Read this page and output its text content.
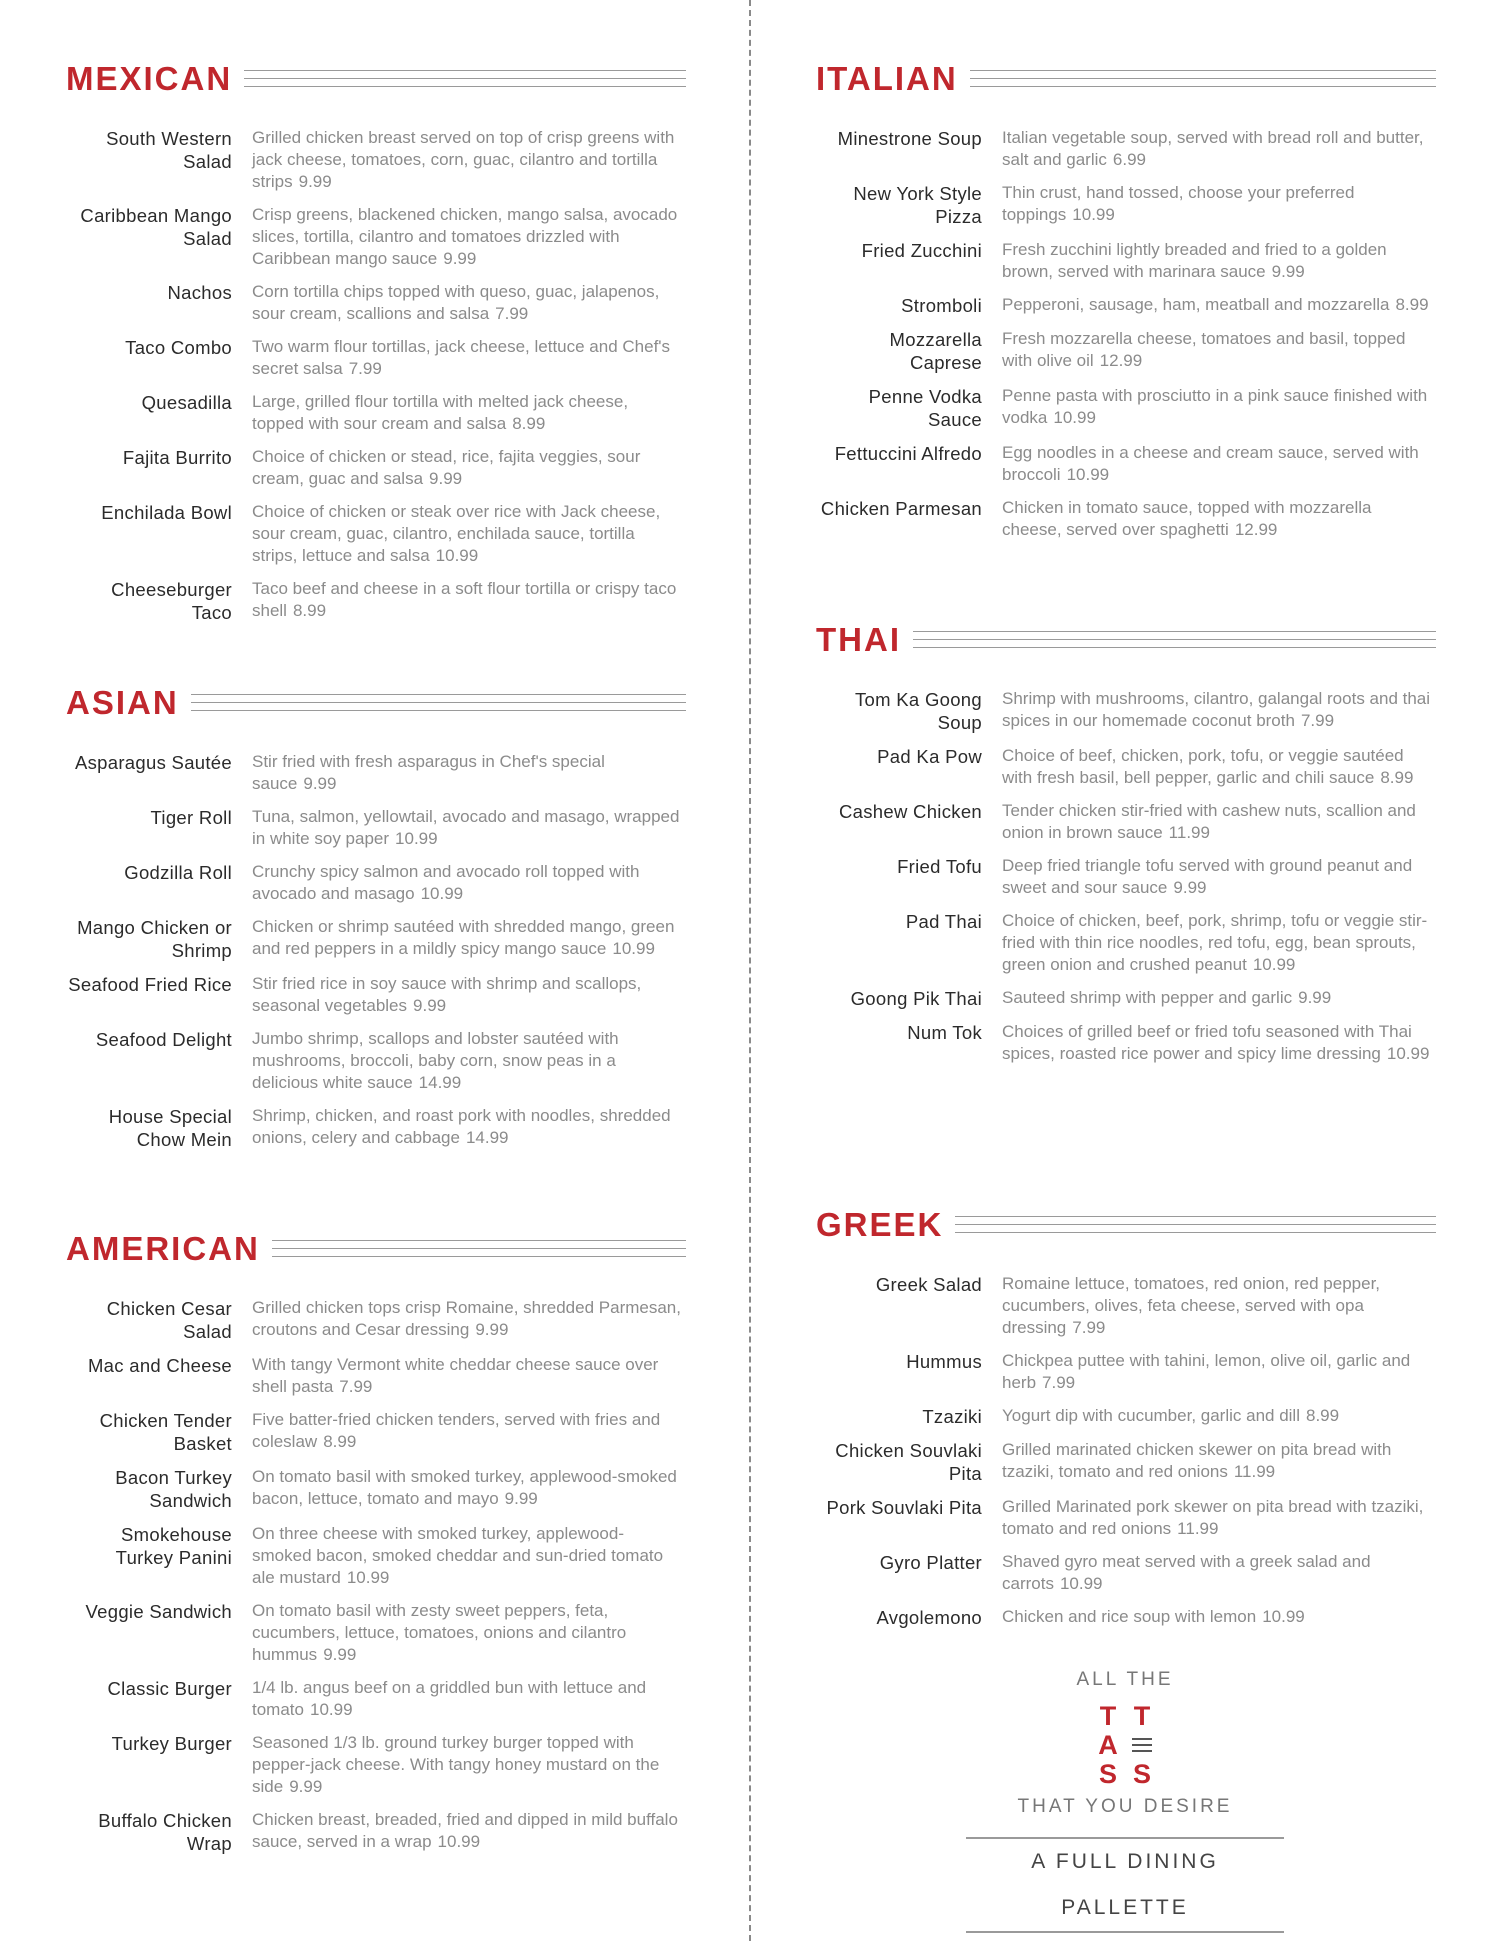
MEXICAN
South Western Salad
Grilled chicken breast served on top of crisp greens with jack cheese, tomatoes, corn, guac, cilantro and tortilla strips 9.99
Caribbean Mango Salad
Crisp greens, blackened chicken, mango salsa, avocado slices, tortilla, cilantro and tomatoes drizzled with Caribbean mango sauce 9.99
Nachos Corn tortilla chips topped with queso, guac, jalapenos, sour cream, scallions and salsa 7.99
Taco Combo Two warm flour tortillas, jack cheese, lettuce and Chef's secret salsa 7.99
Quesadilla Large, grilled flour tortilla with melted jack cheese, topped with sour cream and salsa 8.99
Fajita Burrito Choice of chicken or stead, rice, fajita veggies, sour cream, guac and salsa 9.99
Enchilada Bowl Choice of chicken or steak over rice with Jack cheese, sour cream, guac, cilantro, enchilada sauce, tortilla strips, lettuce and salsa 10.99
Cheeseburger Taco
Taco beef and cheese in a soft flour tortilla or crispy taco shell 8.99
ASIAN
Asparagus Sautée Stir fried with fresh asparagus in Chef's special sauce 9.99
Tiger Roll Tuna, salmon, yellowtail, avocado and masago, wrapped in white soy paper 10.99
Godzilla Roll Crunchy spicy salmon and avocado roll topped with avocado and masago 10.99
Mango Chicken or Shrimp
Chicken or shrimp sautéed with shredded mango, green and red peppers in a mildly spicy mango sauce 10.99
Seafood Fried Rice Stir fried rice in soy sauce with shrimp and scallops, seasonal vegetables 9.99
Seafood Delight Jumbo shrimp, scallops and lobster sautéed with mushrooms, broccoli, baby corn, snow peas in a delicious white sauce 14.99
House Special Chow Mein
Shrimp, chicken, and roast pork with noodles, shredded onions, celery and cabbage 14.99
AMERICAN
Chicken Cesar Salad
Grilled chicken tops crisp Romaine, shredded Parmesan, croutons and Cesar dressing 9.99
Mac and Cheese With tangy Vermont white cheddar cheese sauce over shell pasta 7.99
Chicken Tender Basket
Five batter-fried chicken tenders, served with fries and coleslaw 8.99
Bacon Turkey Sandwich
On tomato basil with smoked turkey, applewood-smoked bacon, lettuce, tomato and mayo 9.99
Smokehouse Turkey Panini
On three cheese with smoked turkey, applewood-smoked bacon, smoked cheddar and sun-dried tomato ale mustard 10.99
Veggie Sandwich On tomato basil with zesty sweet peppers, feta, cucumbers, lettuce, tomatoes, onions and cilantro hummus 9.99
Classic Burger 1/4 lb. angus beef on a griddled bun with lettuce and tomato 10.99
Turkey Burger Seasoned 1/3 lb. ground turkey burger topped with pepper-jack cheese. With tangy honey mustard on the side 9.99
Buffalo Chicken Wrap
Chicken breast, breaded, fried and dipped in mild buffalo sauce, served in a wrap 10.99
ITALIAN
Minestrone Soup Italian vegetable soup, served with bread roll and butter, salt and garlic 6.99
New York Style Pizza
Thin crust, hand tossed, choose your preferred toppings 10.99
Fried Zucchini Fresh zucchini lightly breaded and fried to a golden brown, served with marinara sauce 9.99
Stromboli Pepperoni, sausage, ham, meatball and mozzarella 8.99
Mozzarella Caprese
Fresh mozzarella cheese, tomatoes and basil, topped with olive oil 12.99
Penne Vodka Sauce
Penne pasta with prosciutto in a pink sauce finished with vodka 10.99
Fettuccini Alfredo Egg noodles in a cheese and cream sauce, served with broccoli 10.99
Chicken Parmesan Chicken in tomato sauce, topped with mozzarella cheese, served over spaghetti 12.99
THAI
Tom Ka Goong Soup
Shrimp with mushrooms, cilantro, galangal roots and thai spices in our homemade coconut broth 7.99
Pad Ka Pow Choice of beef, chicken, pork, tofu, or veggie sautéed with fresh basil, bell pepper, garlic and chili sauce 8.99
Cashew Chicken Tender chicken stir-fried with cashew nuts, scallion and onion in brown sauce 11.99
Fried Tofu Deep fried triangle tofu served with ground peanut and sweet and sour sauce 9.99
Pad Thai Choice of chicken, beef, pork, shrimp, tofu or veggie stir-fried with thin rice noodles, red tofu, egg, bean sprouts, green onion and crushed peanut 10.99
Goong Pik Thai Sauteed shrimp with pepper and garlic 9.99
Num Tok Choices of grilled beef or fried tofu seasoned with Thai spices, roasted rice power and spicy lime dressing 10.99
GREEK
Greek Salad Romaine lettuce, tomatoes, red onion, red pepper, cucumbers, olives, feta cheese, served with opa dressing 7.99
Hummus Chickpea puttee with tahini, lemon, olive oil, garlic and herb 7.99
Tzaziki Yogurt dip with cucumber, garlic and dill 8.99
Chicken Souvlaki Pita
Grilled marinated chicken skewer on pita bread with tzaziki, tomato and red onions 11.99
Pork Souvlaki Pita Grilled Marinated pork skewer on pita bread with tzaziki, tomato and red onions 11.99
Gyro Platter Shaved gyro meat served with a greek salad and carrots 10.99
Avgolemono Chicken and rice soup with lemon 10.99
ALL THE
T T
A
S S
THAT YOU DESIRE
A FULL DINING PALLETTE
